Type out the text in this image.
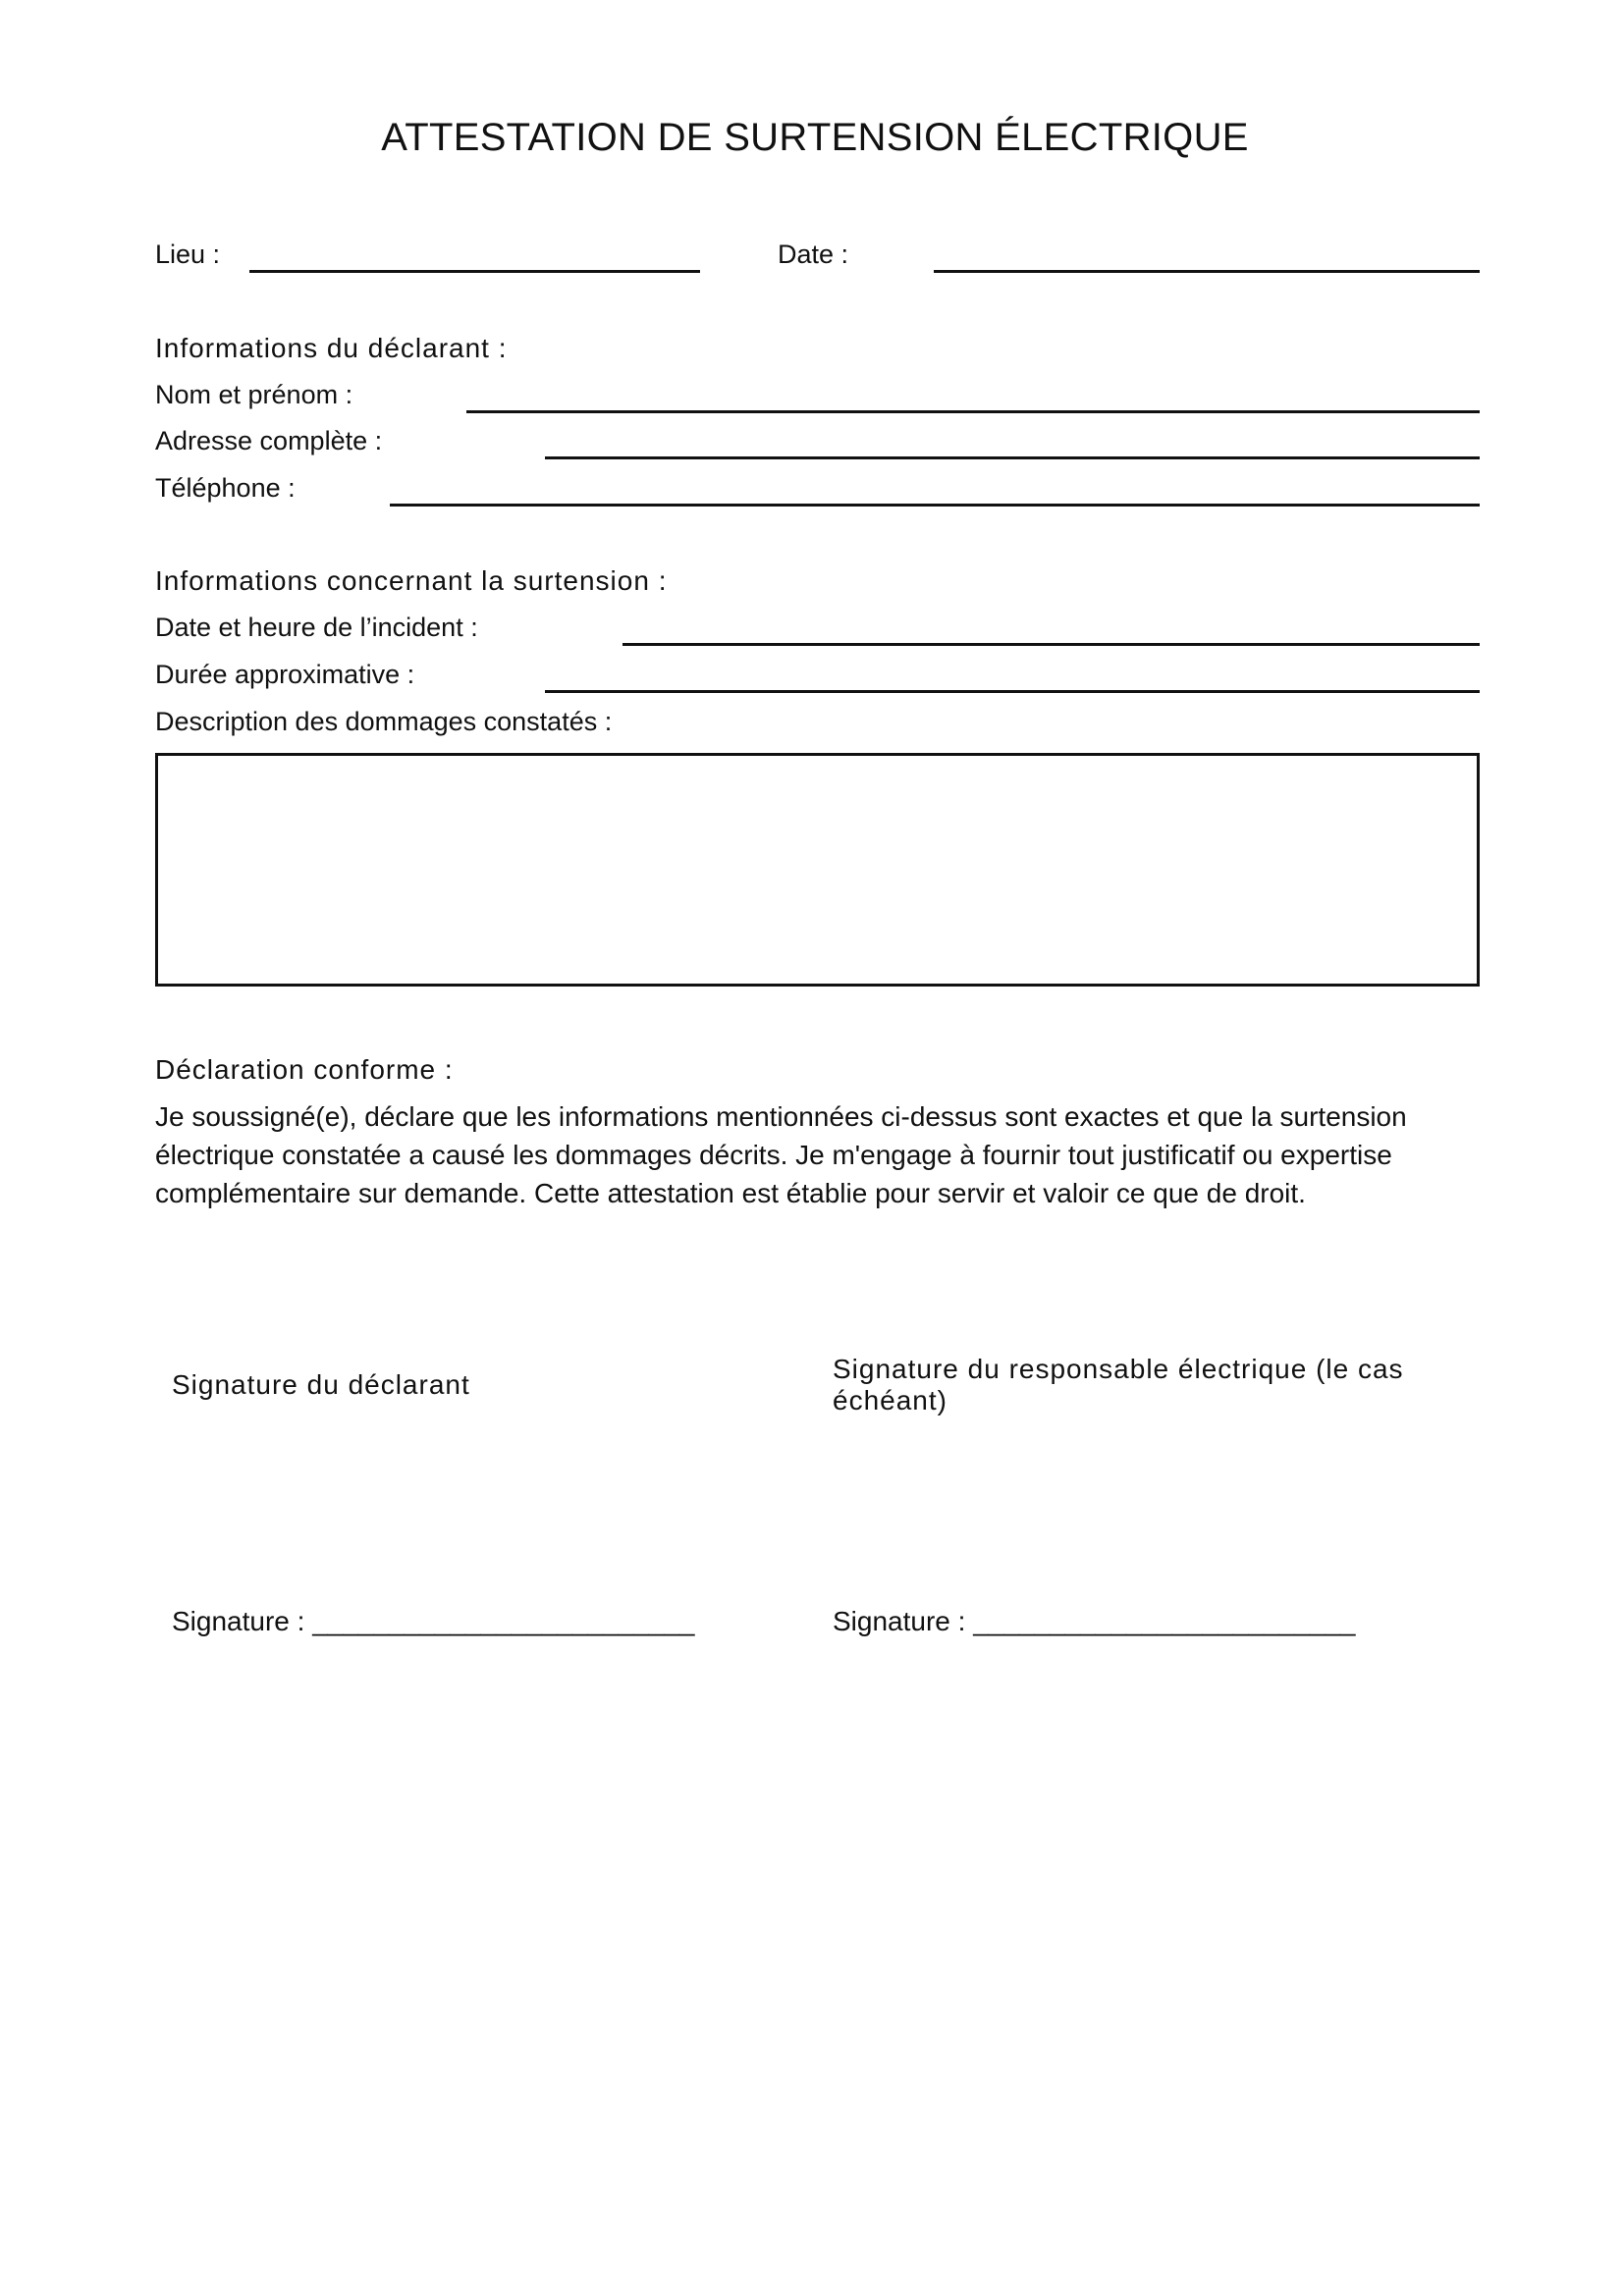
ATTESTATION DE SURTENSION ÉLECTRIQUE
Lieu :	Date :
Informations du déclarant :
Nom et prénom :
Adresse complète :
Téléphone :
Informations concernant la surtension :
Date et heure de l’incident :
Durée approximative :
Description des dommages constatés :
Déclaration conforme :
Je soussigné(e), déclare que les informations mentionnées ci-dessus sont exactes et que la surtension électrique constatée a causé les dommages décrits. Je m'engage à fournir tout justificatif ou expertise complémentaire sur demande. Cette attestation est établie pour servir et valoir ce que de droit.
Signature du déclarant
Signature du responsable électrique (le cas échéant)
Signature : _________________________	Signature : _________________________
